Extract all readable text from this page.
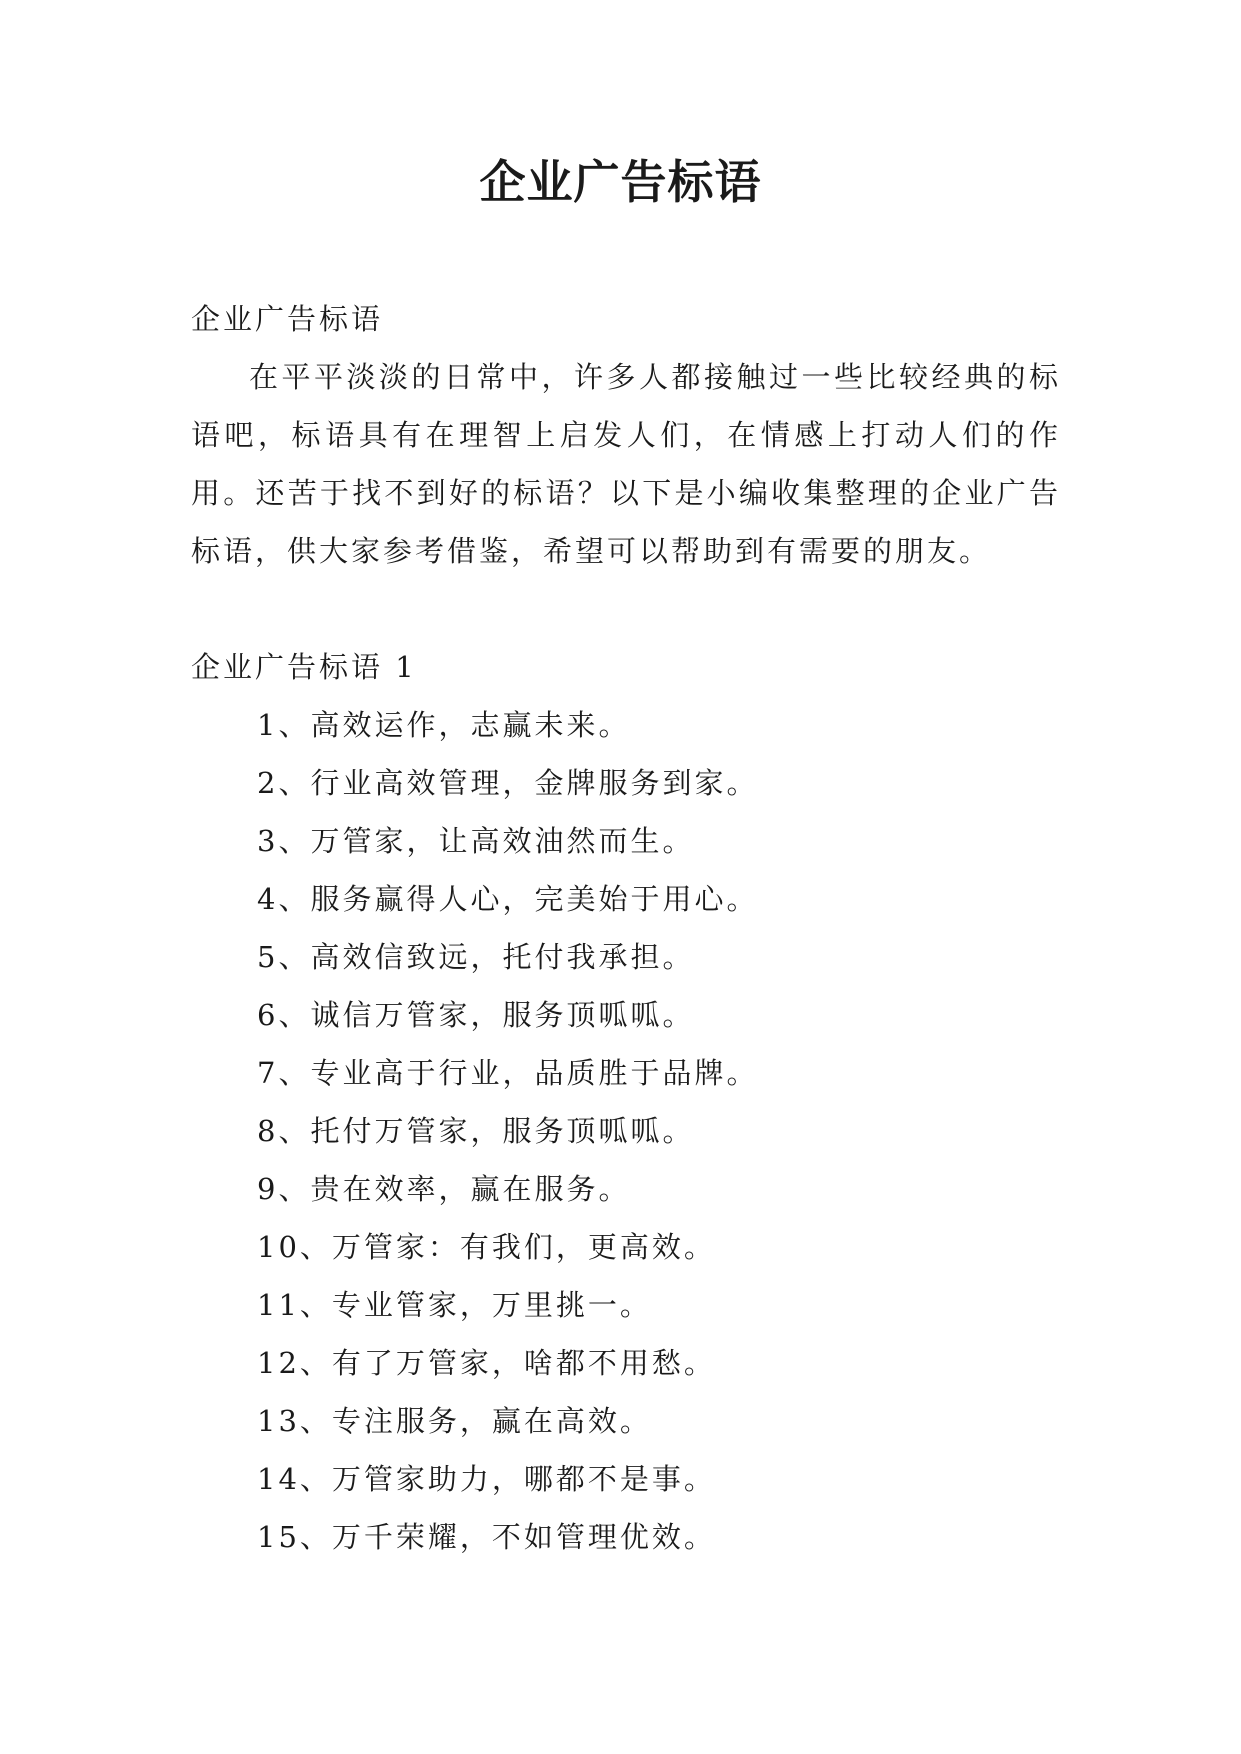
企业广告标语

企业广告标语

在平平淡淡的日常中，许多人都接触过一些比较经典的标语吧，标语具有在理智上启发人们，在情感上打动人们的作用。还苦于找不到好的标语？以下是小编收集整理的企业广告标语，供大家参考借鉴，希望可以帮助到有需要的朋友。

企业广告标语 1

1、高效运作，志赢未来。
2、行业高效管理，金牌服务到家。
3、万管家，让高效油然而生。
4、服务赢得人心，完美始于用心。
5、高效信致远，托付我承担。
6、诚信万管家，服务顶呱呱。
7、专业高于行业，品质胜于品牌。
8、托付万管家，服务顶呱呱。
9、贵在效率，赢在服务。
10、万管家：有我们，更高效。
11、专业管家，万里挑一。
12、有了万管家，啥都不用愁。
13、专注服务，赢在高效。
14、万管家助力，哪都不是事。
15、万千荣耀，不如管理优效。
